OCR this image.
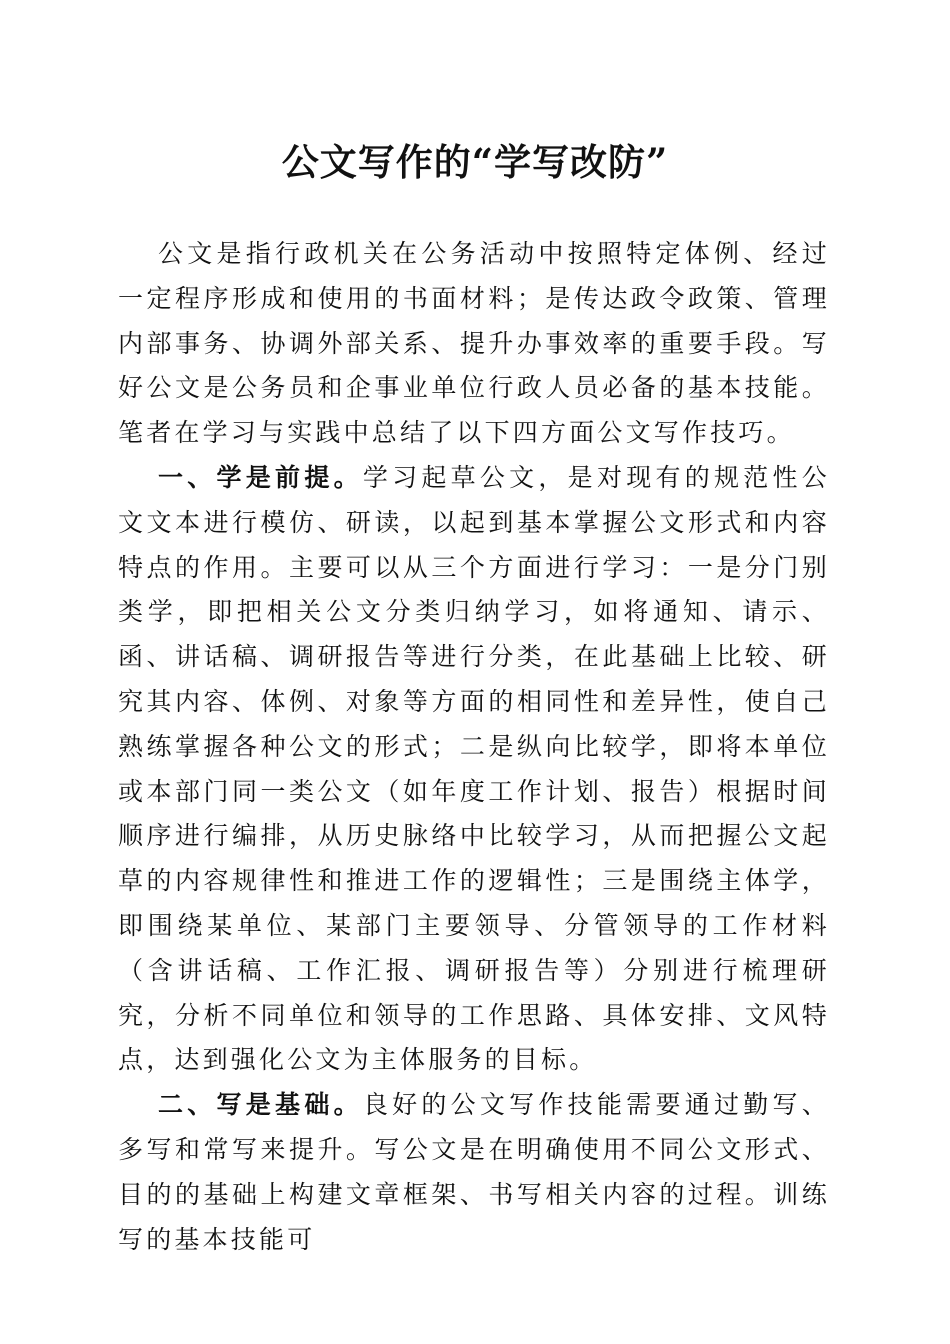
公文写作的“学写改防”

公文是指行政机关在公务活动中按照特定体例、经过一定程序形成和使用的书面材料；是传达政令政策、管理内部事务、协调外部关系、提升办事效率的重要手段。写好公文是公务员和企事业单位行政人员必备的基本技能。笔者在学习与实践中总结了以下四方面公文写作技巧。

一、学是前提。学习起草公文，是对现有的规范性公文文本进行模仿、研读，以起到基本掌握公文形式和内容特点的作用。主要可以从三个方面进行学习：一是分门别类学，即把相关公文分类归纳学习，如将通知、请示、函、讲话稿、调研报告等进行分类，在此基础上比较、研究其内容、体例、对象等方面的相同性和差异性，使自己熟练掌握各种公文的形式；二是纵向比较学，即将本单位或本部门同一类公文（如年度工作计划、报告）根据时间顺序进行编排，从历史脉络中比较学习，从而把握公文起草的内容规律性和推进工作的逻辑性；三是围绕主体学，即围绕某单位、某部门主要领导、分管领导的工作材料（含讲话稿、工作汇报、调研报告等）分别进行梳理研究，分析不同单位和领导的工作思路、具体安排、文风特点，达到强化公文为主体服务的目标。

二、写是基础。良好的公文写作技能需要通过勤写、多写和常写来提升。写公文是在明确使用不同公文形式、目的的基础上构建文章框架、书写相关内容的过程。训练写的基本技能可
